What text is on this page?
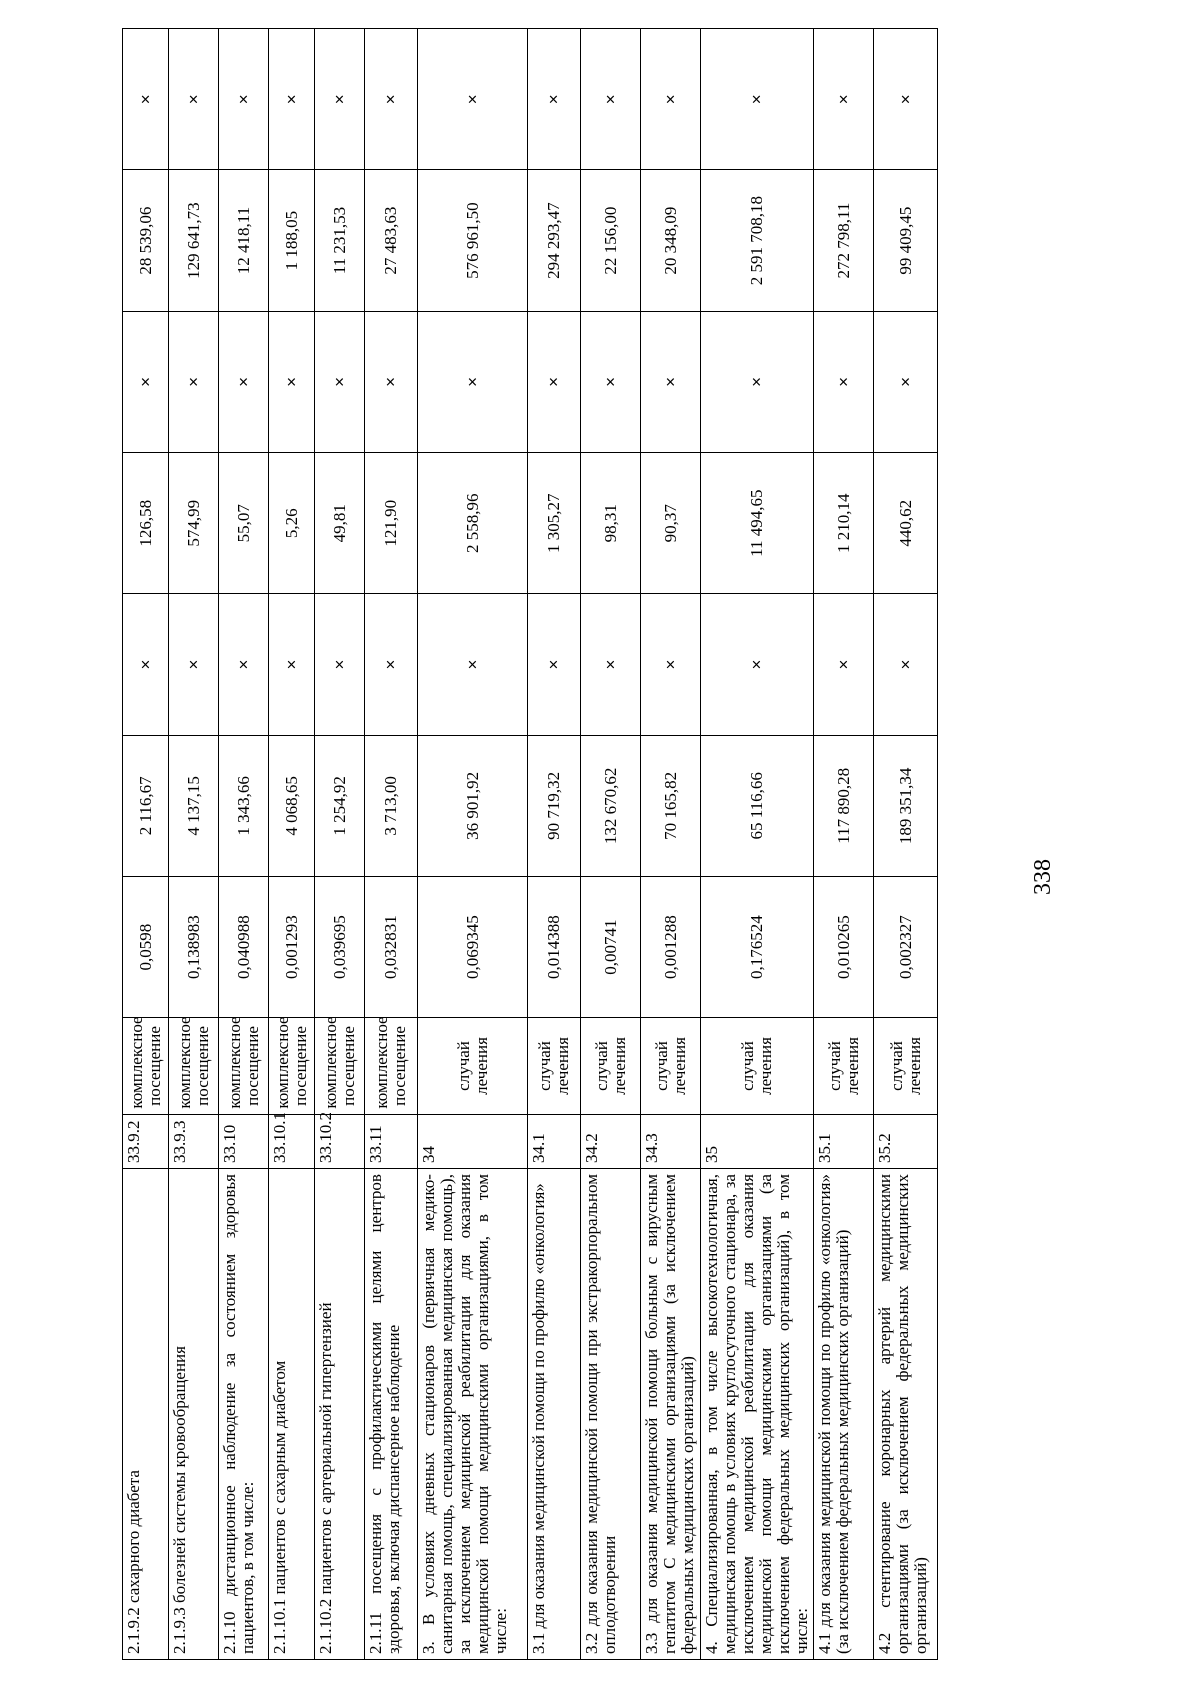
2.1.9.2 сахарного диабета	33.9.2	комплексное посещение	0,0598	2 116,67	×	126,58	×	28 539,06	×
2.1.9.3 болезней системы кровообращения	33.9.3	комплексное посещение	0,138983	4 137,15	×	574,99	×	129 641,73	×
2.1.10 дистанционное наблюдение за состоянием здоровья пациентов, в том числе:	33.10	комплексное посещение	0,040988	1 343,66	×	55,07	×	12 418,11	×
2.1.10.1 пациентов с сахарным диабетом	33.10.1	комплексное посещение	0,001293	4 068,65	×	5,26	×	1 188,05	×
2.1.10.2 пациентов с артериальной гипертензией	33.10.2	комплексное посещение	0,039695	1 254,92	×	49,81	×	11 231,53	×
2.1.11 посещения с профилактическими целями центров здоровья, включая диспансерное наблюдение	33.11	комплексное посещение	0,032831	3 713,00	×	121,90	×	27 483,63	×
3. В условиях дневных стационаров (первичная медико-санитарная помощь, специализированная медицинская помощь), за исключением медицинской реабилитации для оказания медицинской помощи медицинскими организациями, в том числе:	34	случай лечения	0,069345	36 901,92	×	2 558,96	×	576 961,50	×
3.1 для оказания медицинской помощи по профилю «онкология»	34.1	случай лечения	0,014388	90 719,32	×	1 305,27	×	294 293,47	×
3.2 для оказания медицинской помощи при экстракорпоральном оплодотворении	34.2	случай лечения	0,00741	132 670,62	×	98,31	×	22 156,00	×
3.3 для оказания медицинской помощи больным с вирусным гепатитом С медицинскими организациями (за исключением федеральных медицинских организаций)	34.3	случай лечения	0,001288	70 165,82	×	90,37	×	20 348,09	×
4. Специализированная, в том числе высокотехнологичная, медицинская помощь в условиях круглосуточного стационара, за исключением медицинской реабилитации для оказания медицинской помощи медицинскими организациями (за исключением федеральных медицинских организаций), в том числе:	35	случай лечения	0,176524	65 116,66	×	11 494,65	×	2 591 708,18	×
4.1 для оказания медицинской помощи по профилю «онкология» (за исключением федеральных медицинских организаций)	35.1	случай лечения	0,010265	117 890,28	×	1 210,14	×	272 798,11	×
4.2 стентирование коронарных артерий медицинскими организациями (за исключением федеральных медицинских организаций)	35.2	случай лечения	0,002327	189 351,34	×	440,62	×	99 409,45	×
338
